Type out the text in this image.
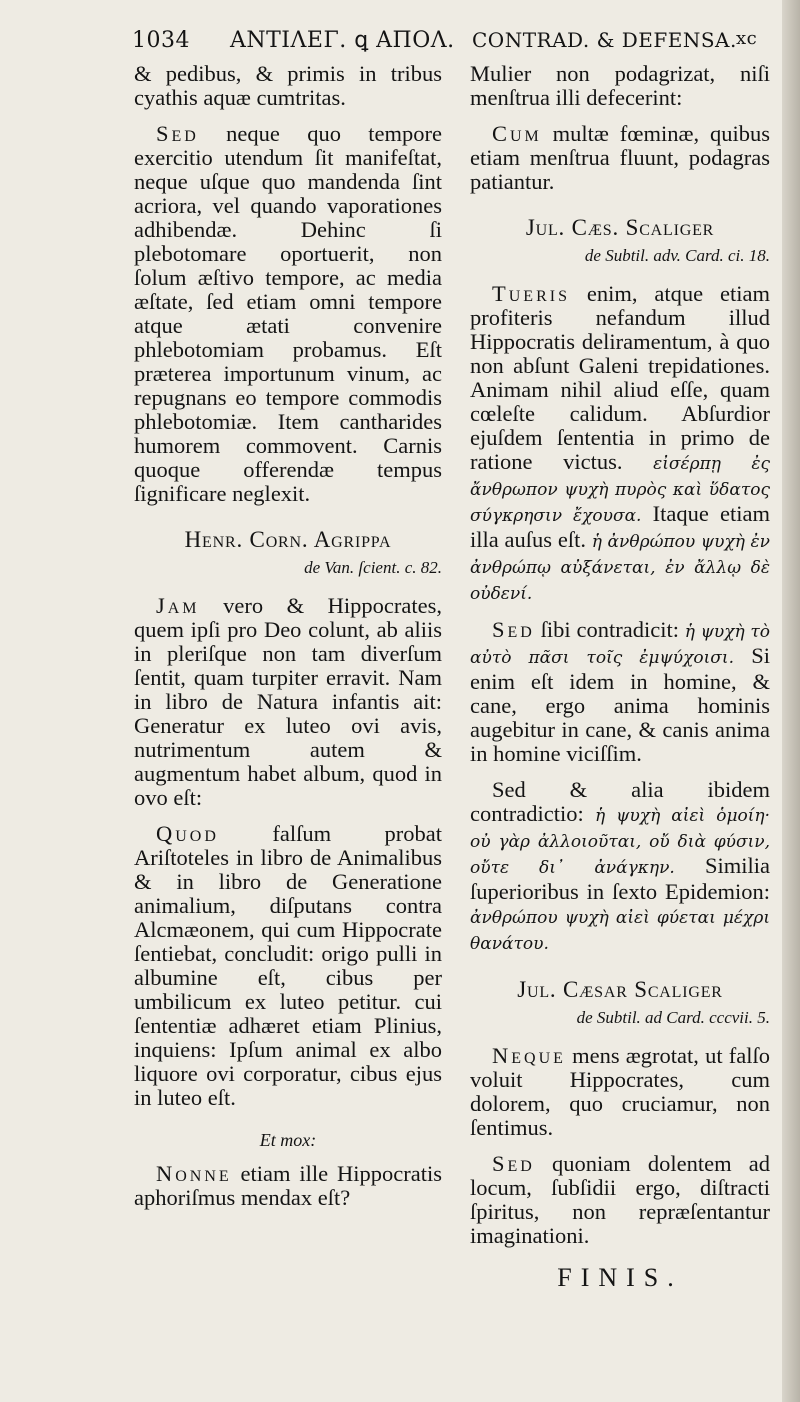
1034 ANTIΛEΓ. ꝗ AΠOΛ. CONTRAD. & DEFENSA. xc

& pedibus, & primis in tribus cyathis aquæ cumtritas.

Sed neque quo tempore exercitio utendum ſit manifeſtat, neque uſque quo mandenda ſint acriora, vel quando vaporationes adhibendæ. Dehinc ſi plebotomare oportuerit, non ſolum æſtivo tempore, ac media æſtate, ſed etiam omni tempore atque ætati convenire phlebotomiam probamus. Eſt præterea importunum vinum, ac repugnans eo tempore commodis phlebotomiæ. Item cantharides humorem commovent. Carnis quoque offerendæ tempus ſignificare neglexit.

Henr. Corn. Agrippa

de Van. ſcient. c. 82.

Jam vero & Hippocrates, quem ipſi pro Deo colunt, ab aliis in pleriſque non tam diverſum ſentit, quam turpiter erravit. Nam in libro de Natura infantis ait: Generatur ex luteo ovi avis, nutrimentum autem & augmentum habet album, quod in ovo eſt:

Quod falſum probat Ariſtoteles in libro de Animalibus & in libro de Generatione animalium, diſputans contra Alcmæonem, qui cum Hippocrate ſentiebat, concludit: origo pulli in albumine eſt, cibus per umbilicum ex luteo petitur. cui ſententiæ adhæret etiam Plinius, inquiens: Ipſum animal ex albo liquore ovi corporatur, cibus ejus in luteo eſt.

Et mox:

Nonne etiam ille Hippocratis aphoriſmus mendax eſt?

Mulier non podagrizat, niſi menſtrua illi defecerint:

Cum multæ fœminæ, quibus etiam menſtrua fluunt, podagras patiantur.

Jul. Cæs. Scaliger

de Subtil. adv. Card. ci. 18.

Tueris enim, atque etiam profiteris nefandum illud Hippocratis deliramentum, à quo non abſunt Galeni trepidationes. Animam nihil aliud eſſe, quam cœleſte calidum. Abſurdior ejuſdem ſententia in primo de ratione victus. εἰσέρπῃ ἐς ἄνθρωπον ψυχὴ πυρὸς καὶ ὕδατος σύγκρησιν ἔχουσα. Itaque etiam illa auſus eſt. ἡ ἀνθρώπου ψυχὴ ἐν ἀνθρώπῳ αὐξάνεται, ἐν ἄλλῳ δὲ οὐδενί.

Sed ſibi contradicit: ἡ ψυχὴ τὸ αὐτὸ πᾶσι τοῖς ἐμψύχοισι. Si enim eſt idem in homine, & cane, ergo anima hominis augebitur in cane, & canis anima in homine viciſſim.

Sed & alia ibidem contradictio: ἡ ψυχὴ αἰεὶ ὁμοίη· οὐ γὰρ ἀλλοιοῦται, οὔ διὰ φύσιν, οὔτε δι᾽ ἀνάγκην. Similia ſuperioribus in ſexto Epidemion: ἀνθρώπου ψυχὴ αἰεὶ φύεται μέχρι θανάτου.

Jul. Cæsar Scaliger

de Subtil. ad Card. cccvii. 5.

Neque mens ægrotat, ut falſo voluit Hippocrates, cum dolorem, quo cruciamur, non ſentimus.

Sed quoniam dolentem ad locum, ſubſidii ergo, diſtracti ſpiritus, non repræſentantur imaginationi.

FINIS.
